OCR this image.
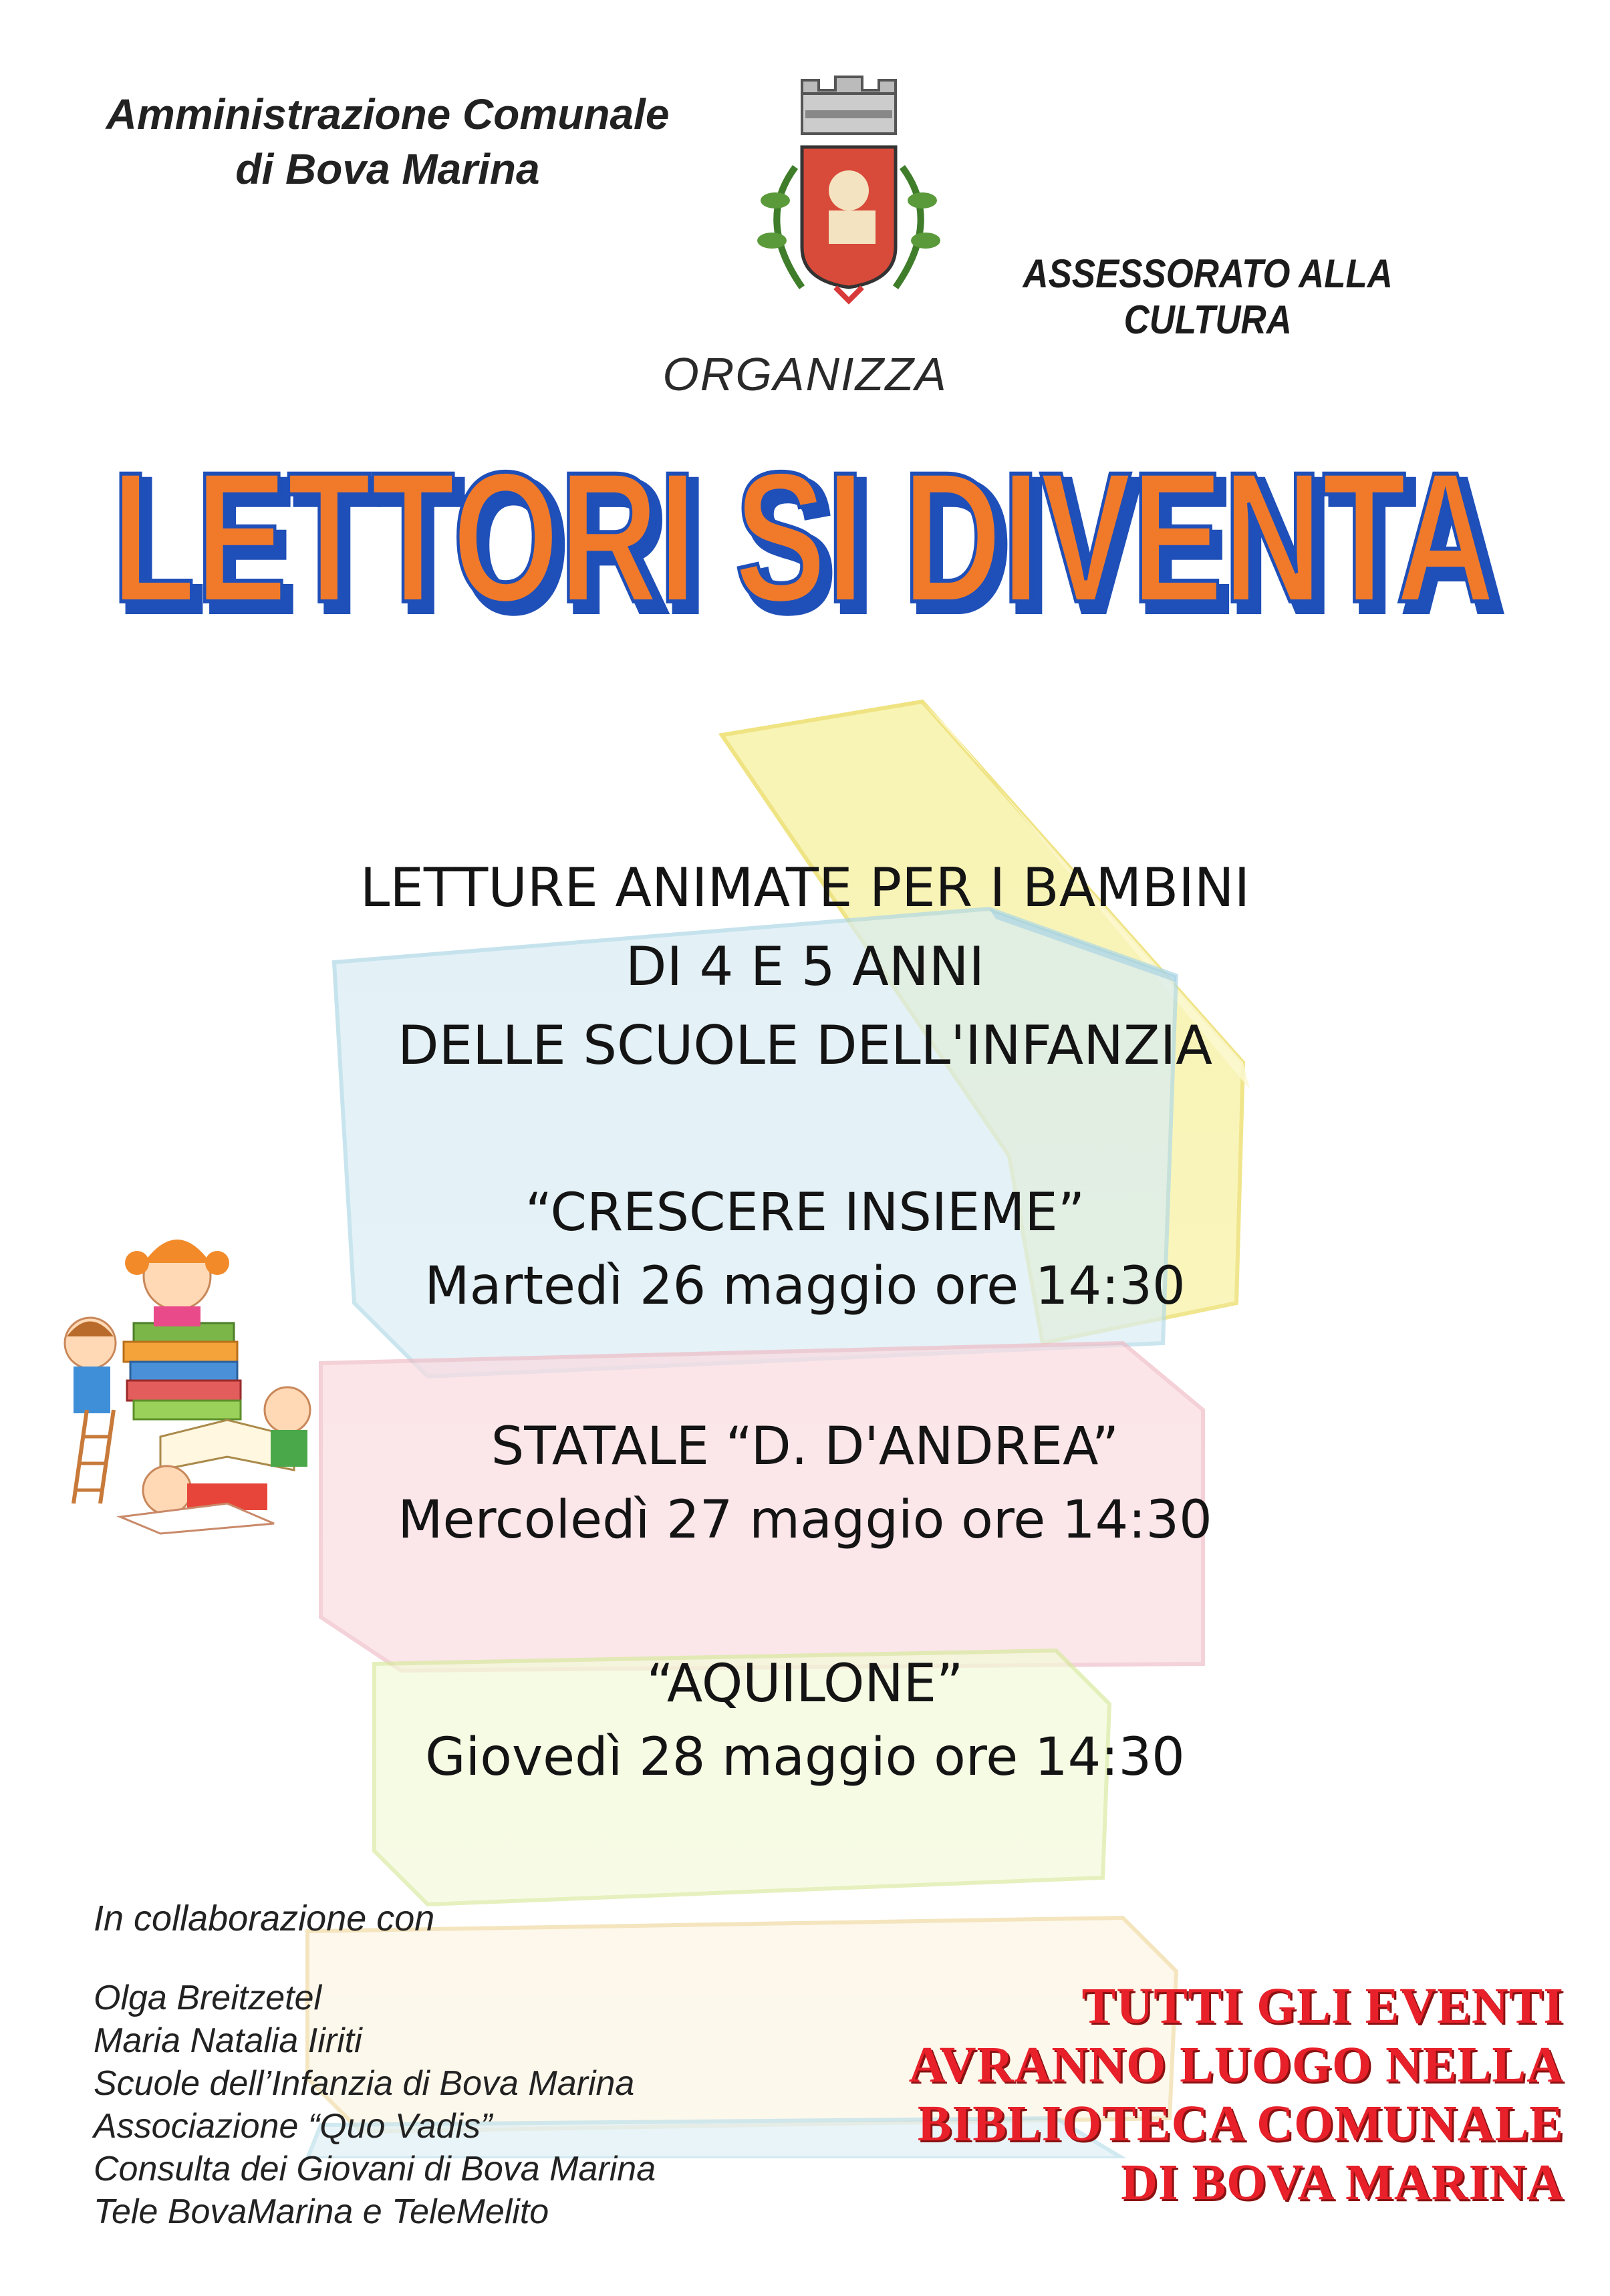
Amministrazione Comunale
di Bova Marina
ASSESSORATO ALLA CULTURA
ORGANIZZA
LETTORI SI DIVENTA
LETTORI SI DIVENTA
LETTURE ANIMATE PER I BAMBINI
DI 4 E 5 ANNI
DELLE SCUOLE DELL'INFANZIA
“CRESCERE INSIEME”
Martedì 26 maggio ore 14:30
STATALE “D. D'ANDREA”
Mercoledì 27 maggio ore 14:30
“AQUILONE”
Giovedì 28 maggio ore 14:30
In collaborazione con
Olga Breitzetel
Maria Natalia Iiriti
Scuole dell’Infanzia di Bova Marina
Associazione “Quo Vadis”
Consulta dei Giovani di Bova Marina
Tele BovaMarina e TeleMelito
TUTTI GLI EVENTI
AVRANNO LUOGO NELLA
BIBLIOTECA COMUNALE
DI BOVA MARINA
